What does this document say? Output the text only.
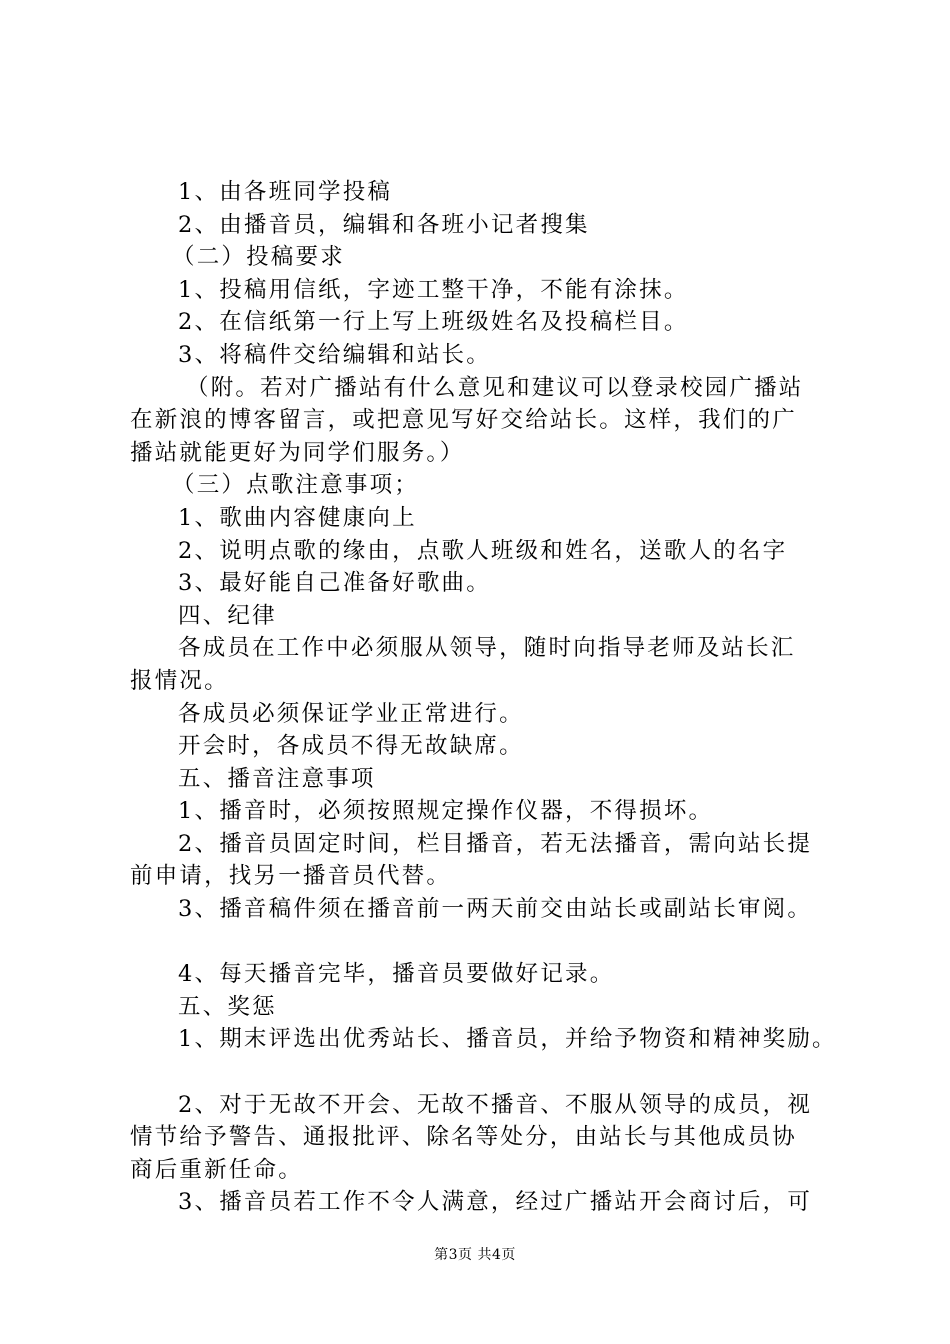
1、由各班同学投稿
2、由播音员，编辑和各班小记者搜集
（二）投稿要求
1、投稿用信纸，字迹工整干净，不能有涂抹。
2、在信纸第一行上写上班级姓名及投稿栏目。
3、将稿件交给编辑和站长。
（附。若对广播站有什么意见和建议可以登录校园广播站
在新浪的博客留言，或把意见写好交给站长。这样，我们的广
播站就能更好为同学们服务。）
（三）点歌注意事项；
1、歌曲内容健康向上
2、说明点歌的缘由，点歌人班级和姓名，送歌人的名字
3、最好能自己准备好歌曲。
四、纪律
各成员在工作中必须服从领导，随时向指导老师及站长汇
报情况。
各成员必须保证学业正常进行。
开会时，各成员不得无故缺席。
五、播音注意事项
1、播音时，必须按照规定操作仪器，不得损坏。
2、播音员固定时间，栏目播音，若无法播音，需向站长提
前申请，找另一播音员代替。
3、播音稿件须在播音前一两天前交由站长或副站长审阅。
4、每天播音完毕，播音员要做好记录。
五、奖惩
1、期末评选出优秀站长、播音员，并给予物资和精神奖励。
2、对于无故不开会、无故不播音、不服从领导的成员，视
情节给予警告、通报批评、除名等处分，由站长与其他成员协
商后重新任命。
3、播音员若工作不令人满意，经过广播站开会商讨后，可
第3页 共4页
